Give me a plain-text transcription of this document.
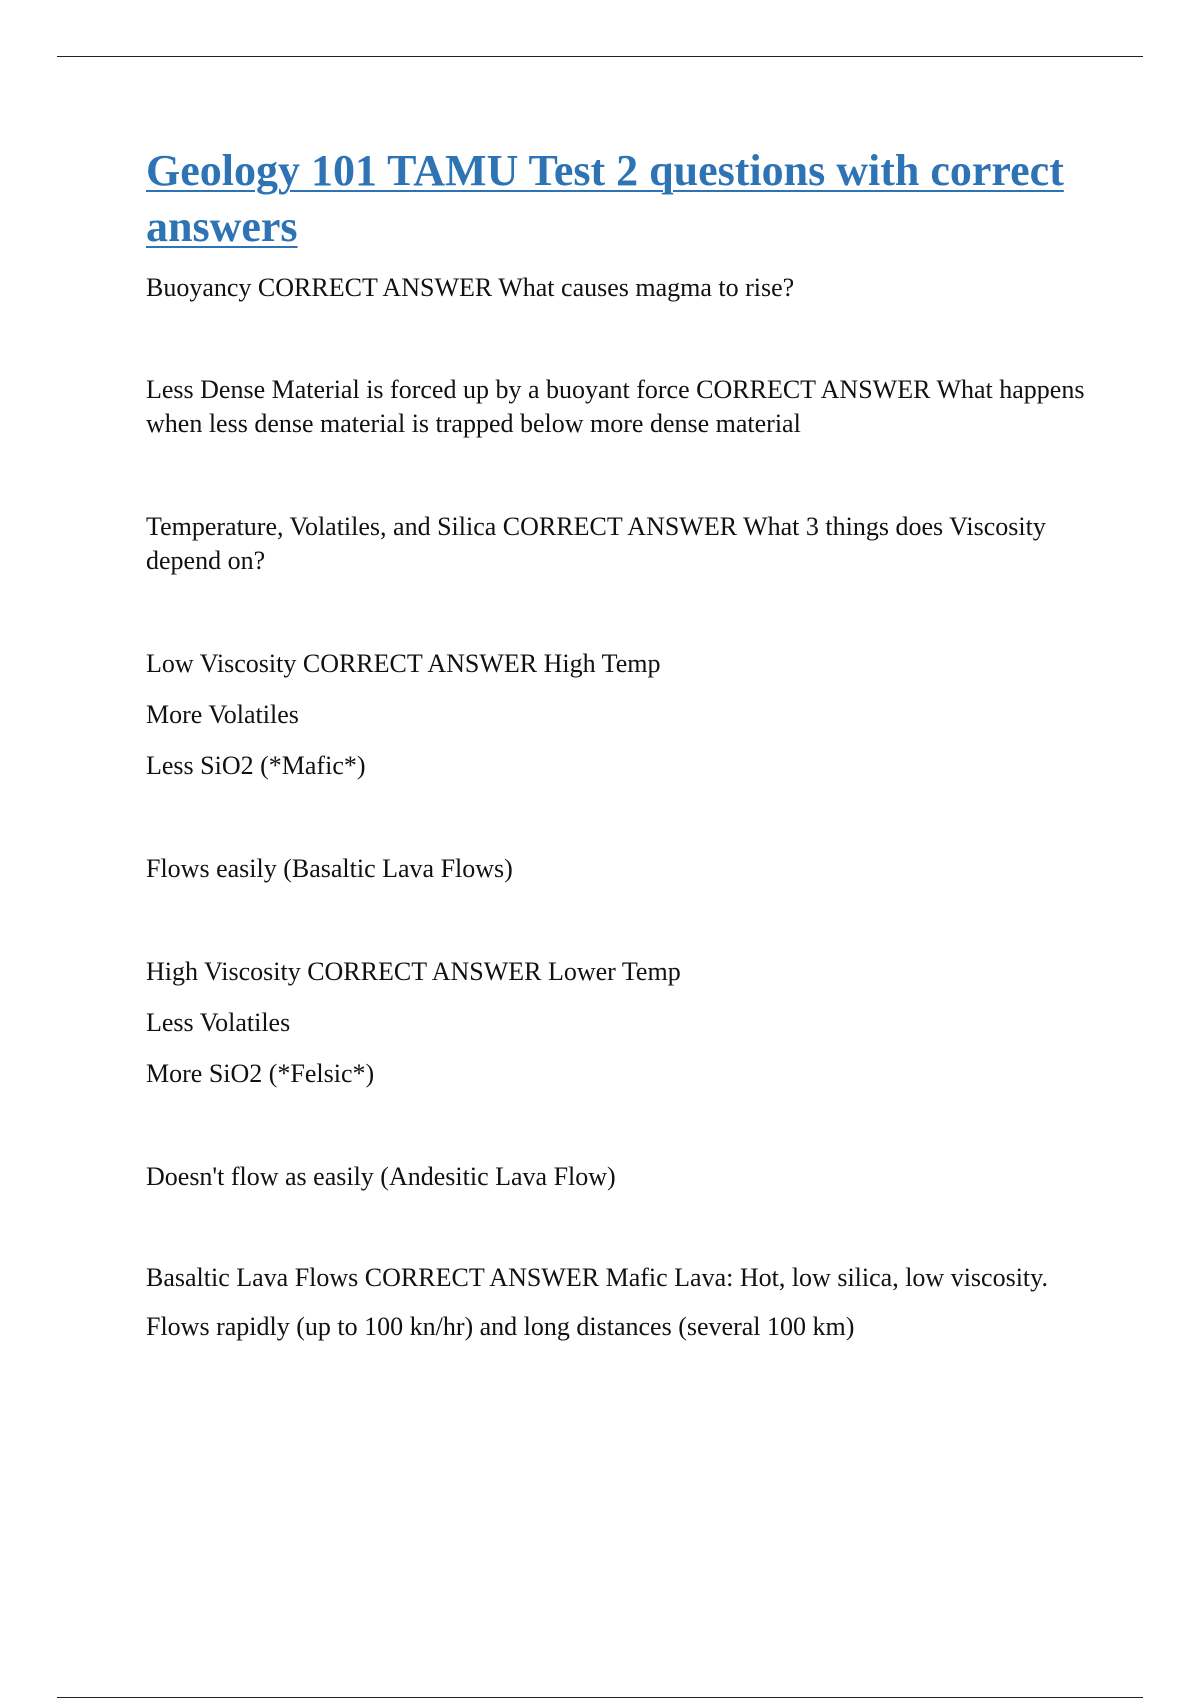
Geology 101 TAMU Test 2 questions with correct answers

Buoyancy CORRECT ANSWER What causes magma to rise?

Less Dense Material is forced up by a buoyant force CORRECT ANSWER What happens when less dense material is trapped below more dense material

Temperature, Volatiles, and Silica CORRECT ANSWER What 3 things does Viscosity depend on?

Low Viscosity CORRECT ANSWER High Temp

More Volatiles

Less SiO2 (*Mafic*)

Flows easily (Basaltic Lava Flows)

High Viscosity CORRECT ANSWER Lower Temp

Less Volatiles

More SiO2 (*Felsic*)

Doesn't flow as easily (Andesitic Lava Flow)

Basaltic Lava Flows CORRECT ANSWER Mafic Lava: Hot, low silica, low viscosity.

Flows rapidly (up to 100 kn/hr) and long distances (several 100 km)
